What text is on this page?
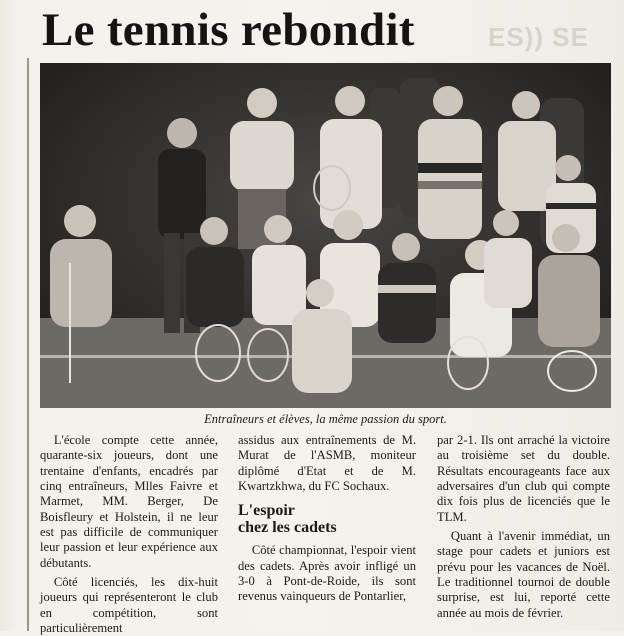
ES)) SE
Le tennis rebondit

Entraîneurs et élèves, la même passion du sport.

L'école compte cette année, quarante-six joueurs, dont une trentaine d'enfants, encadrés par cinq entraîneurs, Mlles Faivre et Marmet, MM. Berger, De Boisfleury et Holstein, il ne leur est pas difficile de communiquer leur passion et leur expérience aux débutants.

Côté licenciés, les dix-huit joueurs qui représenteront le club en compétition, sont particulièrement

assidus aux entraînements de M. Murat de l'ASMB, moniteur diplômé d'Etat et de M. Kwartzkhwa, du FC Sochaux.

L'espoir
chez les cadets

Côté championnat, l'espoir vient des cadets. Après avoir infligé un 3-0 à Pont-de-Roide, ils sont revenus vainqueurs de Pontarlier,

par 2-1. Ils ont arraché la victoire au troisième set du double. Résultats encourageants face aux adversaires d'un club qui compte dix fois plus de licenciés que le TLM.

Quant à l'avenir immédiat, un stage pour cadets et juniors est prévu pour les vacances de Noël. Le traditionnel tournoi de double surprise, est lui, reporté cette année au mois de février.
